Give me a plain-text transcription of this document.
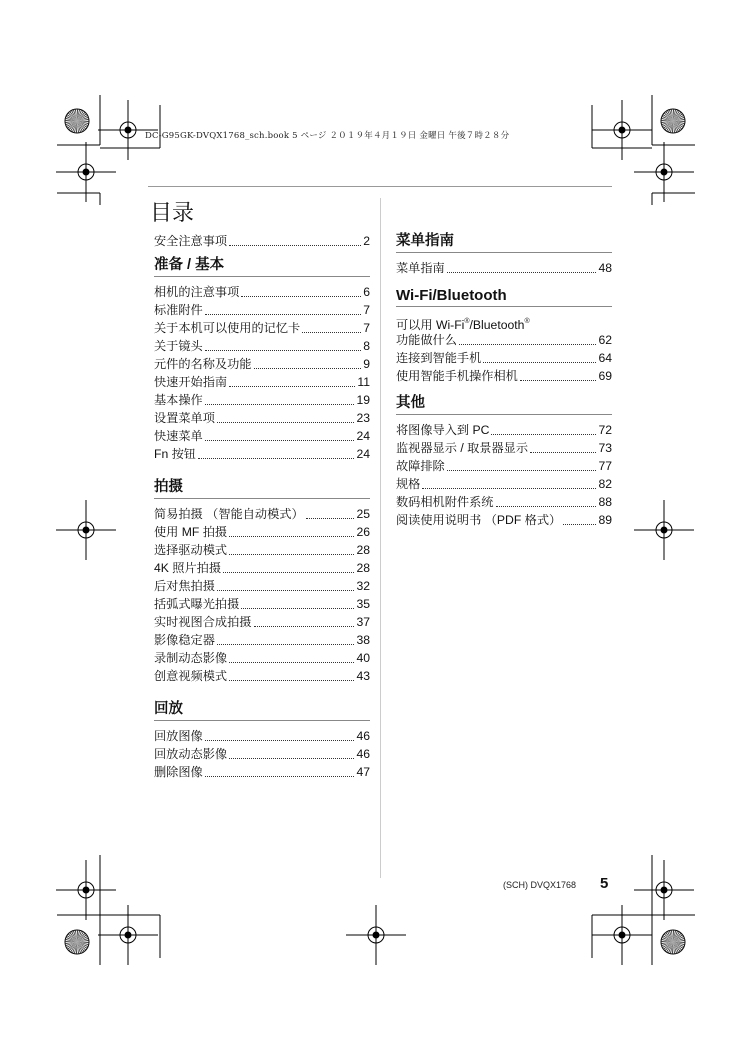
DC-G95GK-DVQX1768_sch.book 5 ページ ２０１９年４月１９日 金曜日 午後７時２８分
目录
安全注意事项	2
准备 / 基本
相机的注意事项	6
标准附件	7
关于本机可以使用的记忆卡	7
关于镜头	8
元件的名称及功能	9
快速开始指南	11
基本操作	19
设置菜单项	23
快速菜单	24
Fn 按钮	24
拍摄
简易拍摄 （智能自动模式）	25
使用 MF 拍摄	26
选择驱动模式	28
4K 照片拍摄	28
后对焦拍摄	32
括弧式曝光拍摄	35
实时视图合成拍摄	37
影像稳定器	38
录制动态影像	40
创意视频模式	43
回放
回放图像	46
回放动态影像	46
删除图像	47
菜单指南
菜单指南	48
Wi-Fi/Bluetooth
可以用 Wi-Fi®/Bluetooth®
功能做什么	62
连接到智能手机	64
使用智能手机操作相机	69
其他
将图像导入到 PC	72
监视器显示 / 取景器显示	73
故障排除	77
规格	82
数码相机附件系统	88
阅读使用说明书 （PDF 格式）	89
(SCH) DVQX1768 5
